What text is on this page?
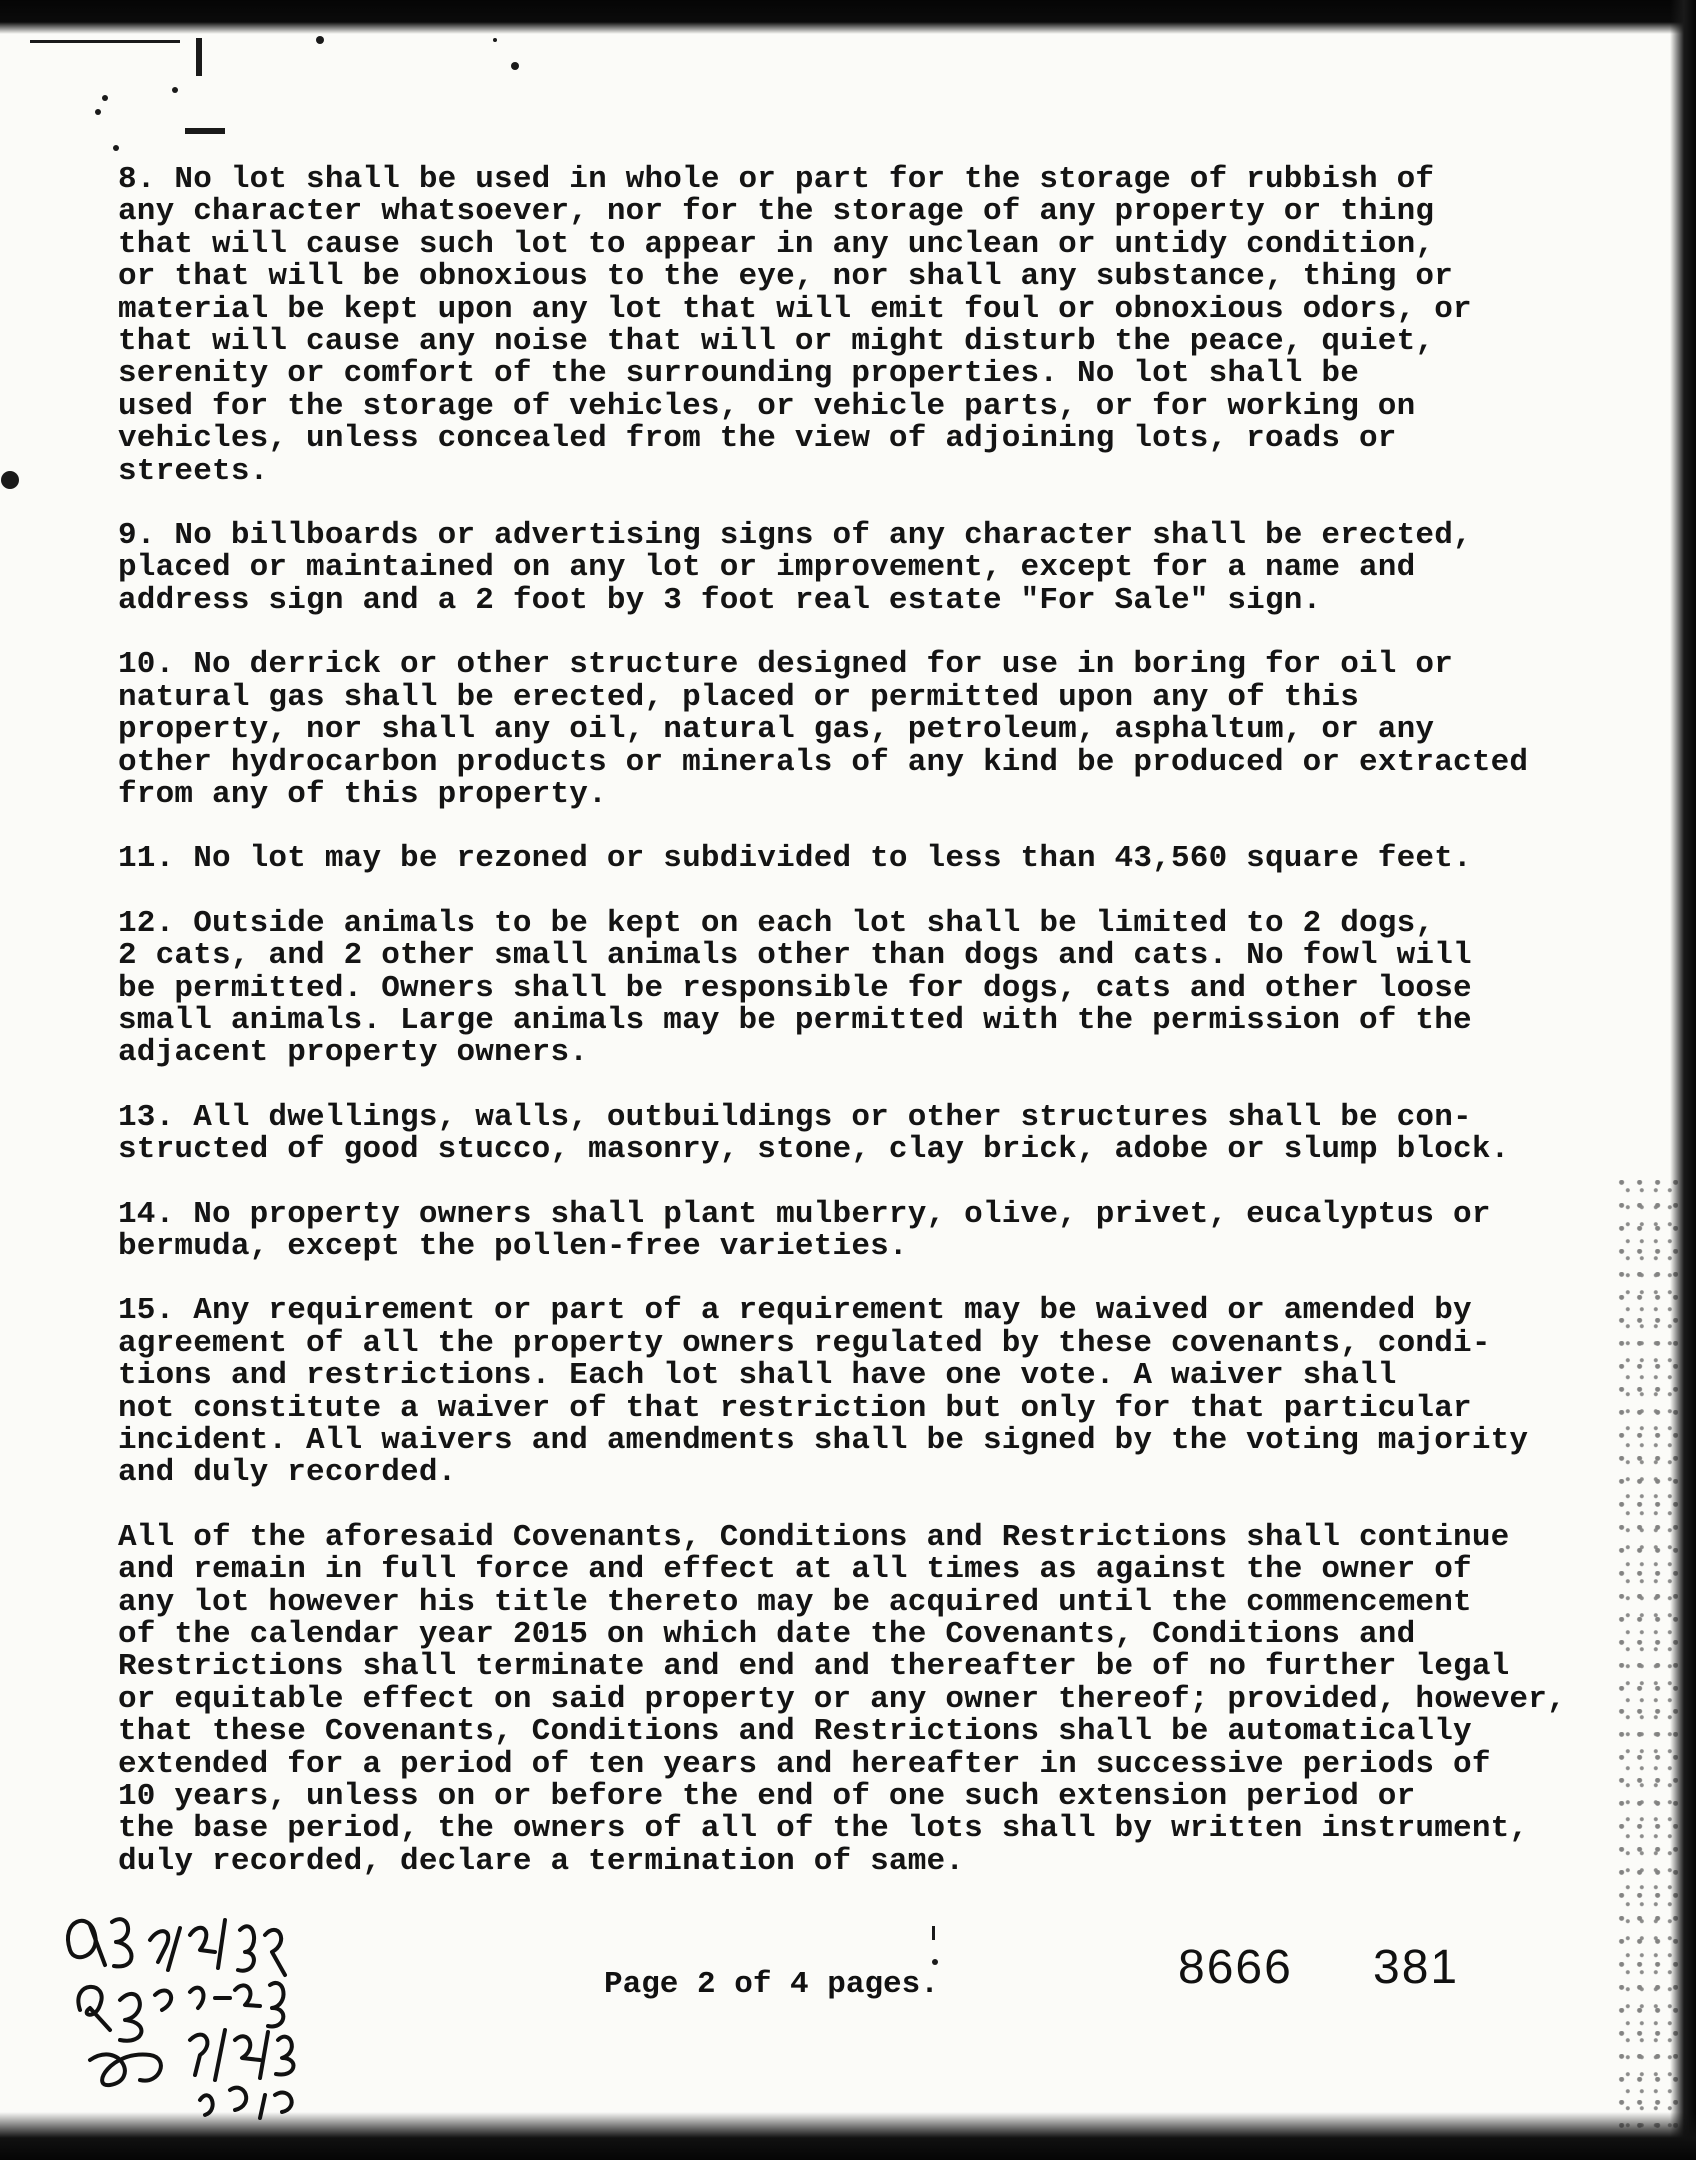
8. No lot shall be used in whole or part for the storage of rubbish of
any character whatsoever, nor for the storage of any property or thing
that will cause such lot to appear in any unclean or untidy condition,
or that will be obnoxious to the eye, nor shall any substance, thing or
material be kept upon any lot that will emit foul or obnoxious odors, or
that will cause any noise that will or might disturb the peace, quiet,
serenity or comfort of the surrounding properties. No lot shall be
used for the storage of vehicles, or vehicle parts, or for working on
vehicles, unless concealed from the view of adjoining lots, roads or
streets.

9. No billboards or advertising signs of any character shall be erected,
placed or maintained on any lot or improvement, except for a name and
address sign and a 2 foot by 3 foot real estate "For Sale" sign.

10. No derrick or other structure designed for use in boring for oil or
natural gas shall be erected, placed or permitted upon any of this
property, nor shall any oil, natural gas, petroleum, asphaltum, or any
other hydrocarbon products or minerals of any kind be produced or extracted
from any of this property.

11. No lot may be rezoned or subdivided to less than 43,560 square feet.

12. Outside animals to be kept on each lot shall be limited to 2 dogs,
2 cats, and 2 other small animals other than dogs and cats. No fowl will
be permitted. Owners shall be responsible for dogs, cats and other loose
small animals. Large animals may be permitted with the permission of the
adjacent property owners.

13. All dwellings, walls, outbuildings or other structures shall be con-
structed of good stucco, masonry, stone, clay brick, adobe or slump block.

14. No property owners shall plant mulberry, olive, privet, eucalyptus or
bermuda, except the pollen-free varieties.

15. Any requirement or part of a requirement may be waived or amended by
agreement of all the property owners regulated by these covenants, condi-
tions and restrictions. Each lot shall have one vote. A waiver shall
not constitute a waiver of that restriction but only for that particular
incident. All waivers and amendments shall be signed by the voting majority
and duly recorded.

All of the aforesaid Covenants, Conditions and Restrictions shall continue
and remain in full force and effect at all times as against the owner of
any lot however his title thereto may be acquired until the commencement
of the calendar year 2015 on which date the Covenants, Conditions and
Restrictions shall terminate and end and thereafter be of no further legal
or equitable effect on said property or any owner thereof; provided, however,
that these Covenants, Conditions and Restrictions shall be automatically
extended for a period of ten years and hereafter in successive periods of
10 years, unless on or before the end of one such extension period or
the base period, the owners of all of the lots shall by written instrument,
duly recorded, declare a termination of same.

Page 2 of 4 pages.	8666 381
